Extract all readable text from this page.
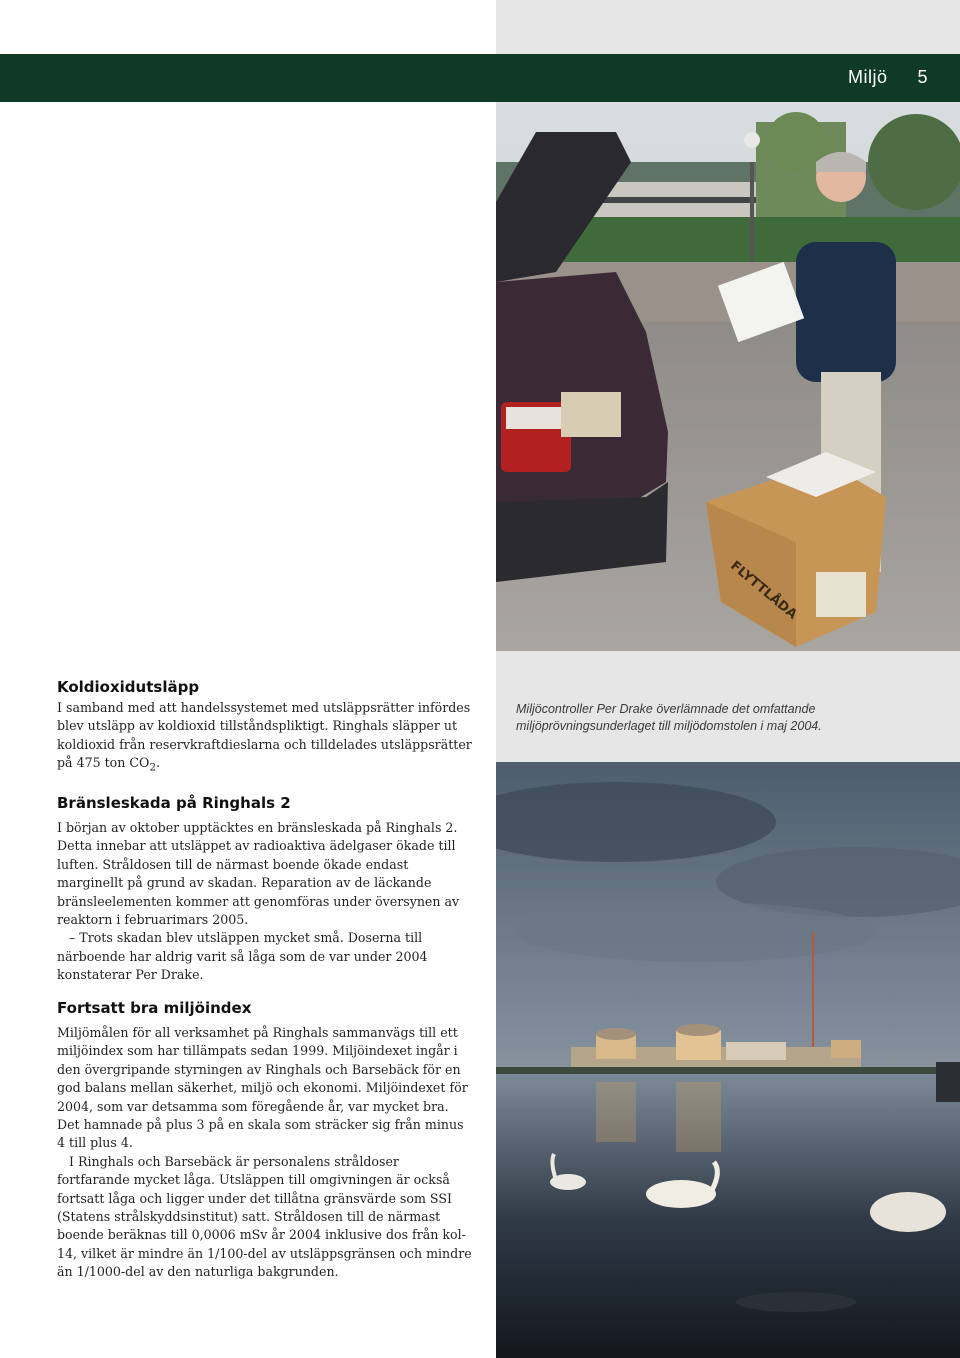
Miljö 5
FLYTTLÅDA
Miljöcontroller Per Drake överlämnade det omfattande miljöprövningsunderlaget till miljödomstolen i maj 2004.
Koldioxidutsläpp

I samband med att handelssystemet med utsläppsrätter infördes blev utsläpp av koldioxid tillståndspliktigt. Ringhals släpper ut koldioxid från reservkraftdieslarna och tilldelades utsläppsrätter på 475 ton $CO_2$.

Bränsleskada på Ringhals 2

I början av oktober upptäcktes en bränsleskada på Ringhals 2. Detta innebar att utsläppet av radioaktiva ädelgaser ökade till luften. Stråldosen till de närmast boende ökade endast marginellt på grund av skadan. Reparation av de läckande bränsleelementen kommer att genomföras under översynen av reaktorn i februarimars 2005.

– Trots skadan blev utsläppen mycket små. Doserna till närboende har aldrig varit så låga som de var under 2004 konstaterar Per Drake.

Fortsatt bra miljöindex

Miljömålen för all verksamhet på Ringhals sammanvägs till ett miljöindex som har tillämpats sedan 1999. Miljöindexet ingår i den övergripande styrningen av Ringhals och Barsebäck för en god balans mellan säkerhet, miljö och ekonomi. Miljöindexet för 2004, som var detsamma som föregående år, var mycket bra. Det hamnade på plus 3 på en skala som sträcker sig från minus 4 till plus 4.

I Ringhals och Barsebäck är personalens stråldoser fortfarande mycket låga. Utsläppen till omgivningen är också fortsatt låga och ligger under det tillåtna gränsvärde som SSI (Statens strålskyddsinstitut) satt. Stråldosen till de närmast boende beräknas till 0,0006 mSv år 2004 inklusive dos från kol-14, vilket är mindre än 1/100-del av utsläppsgränsen och mindre än 1/1000-del av den naturliga bakgrunden.
